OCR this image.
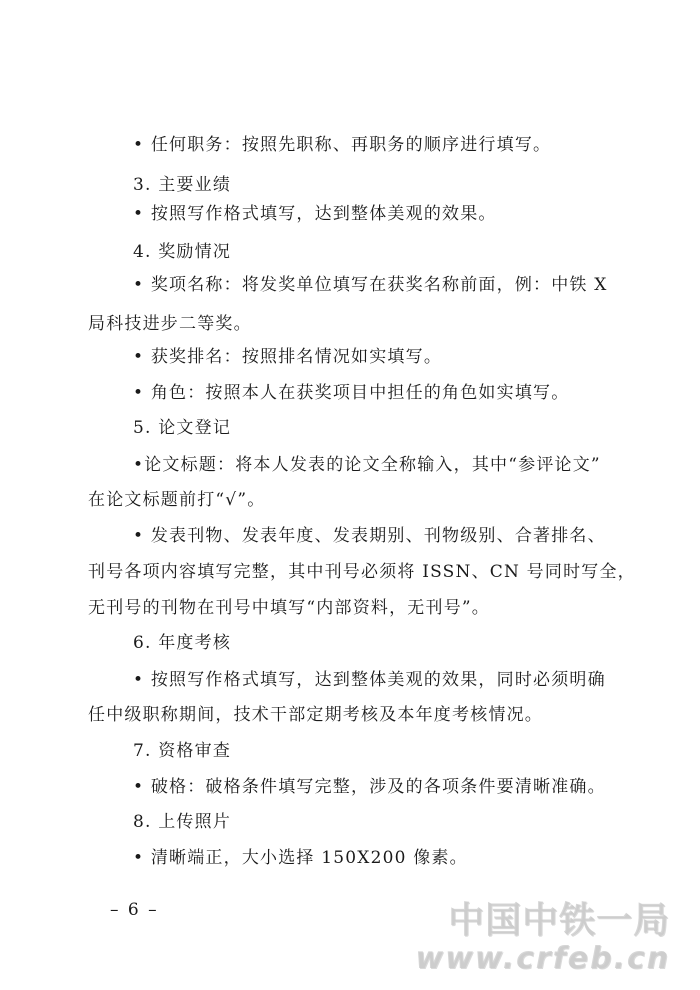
• 任何职务：按照先职称、再职务的顺序进行填写。
3. 主要业绩
• 按照写作格式填写，达到整体美观的效果。
4. 奖励情况
• 奖项名称：将发奖单位填写在获奖名称前面，例：中铁 X
局科技进步二等奖。
• 获奖排名：按照排名情况如实填写。
• 角色：按照本人在获奖项目中担任的角色如实填写。
5. 论文登记
•论文标题：将本人发表的论文全称输入，其中“参评论文”
在论文标题前打“√”。
• 发表刊物、发表年度、发表期别、刊物级别、合著排名、
刊号各项内容填写完整，其中刊号必须将 ISSN、CN 号同时写全，
无刊号的刊物在刊号中填写“内部资料，无刊号”。
6. 年度考核
• 按照写作格式填写，达到整体美观的效果，同时必须明确
任中级职称期间，技术干部定期考核及本年度考核情况。
7. 资格审查
• 破格：破格条件填写完整，涉及的各项条件要清晰准确。
8. 上传照片
• 清晰端正，大小选择 150X200 像素。
– 6 –	中国中铁一局
www.crfeb.cn
